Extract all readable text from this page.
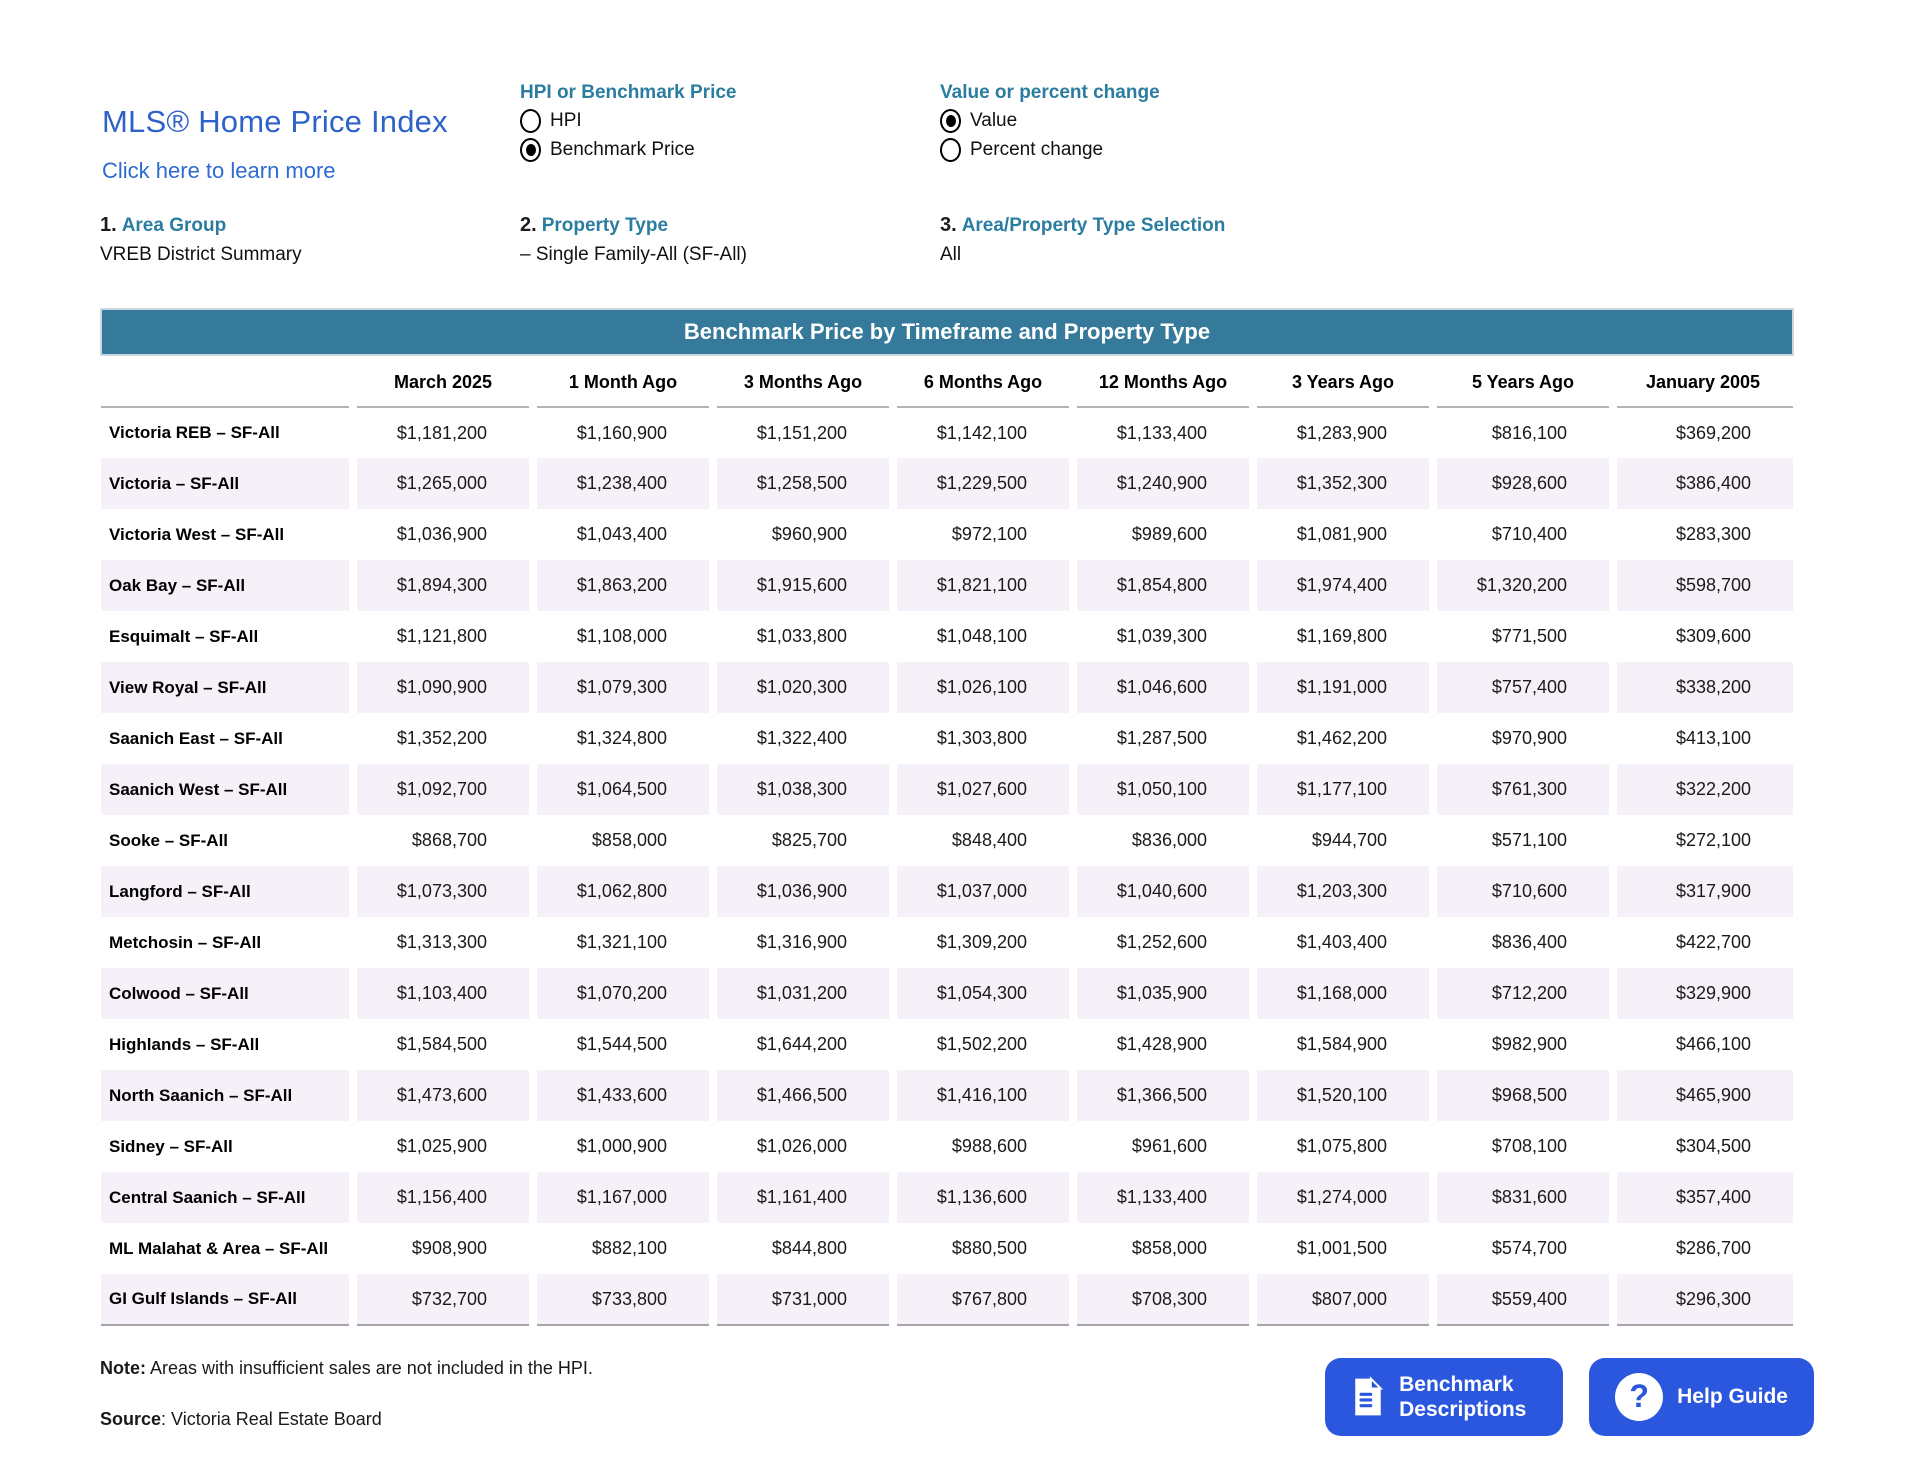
MLS® Home Price Index
Click here to learn more
HPI or Benchmark Price
HPI
Benchmark Price
Value or percent change
Value
Percent change
1. Area Group
VREB District Summary
2. Property Type
– Single Family-All (SF-All)
3. Area/Property Type Selection
All
Benchmark Price by Timeframe and Property Type								
	March 2025	1 Month Ago	3 Months Ago	6 Months Ago	12 Months Ago	3 Years Ago	5 Years Ago	January 2005
Victoria REB – SF-All	$1,181,200	$1,160,900	$1,151,200	$1,142,100	$1,133,400	$1,283,900	$816,100	$369,200
Victoria – SF-All	$1,265,000	$1,238,400	$1,258,500	$1,229,500	$1,240,900	$1,352,300	$928,600	$386,400
Victoria West – SF-All	$1,036,900	$1,043,400	$960,900	$972,100	$989,600	$1,081,900	$710,400	$283,300
Oak Bay – SF-All	$1,894,300	$1,863,200	$1,915,600	$1,821,100	$1,854,800	$1,974,400	$1,320,200	$598,700
Esquimalt – SF-All	$1,121,800	$1,108,000	$1,033,800	$1,048,100	$1,039,300	$1,169,800	$771,500	$309,600
View Royal – SF-All	$1,090,900	$1,079,300	$1,020,300	$1,026,100	$1,046,600	$1,191,000	$757,400	$338,200
Saanich East – SF-All	$1,352,200	$1,324,800	$1,322,400	$1,303,800	$1,287,500	$1,462,200	$970,900	$413,100
Saanich West – SF-All	$1,092,700	$1,064,500	$1,038,300	$1,027,600	$1,050,100	$1,177,100	$761,300	$322,200
Sooke – SF-All	$868,700	$858,000	$825,700	$848,400	$836,000	$944,700	$571,100	$272,100
Langford – SF-All	$1,073,300	$1,062,800	$1,036,900	$1,037,000	$1,040,600	$1,203,300	$710,600	$317,900
Metchosin – SF-All	$1,313,300	$1,321,100	$1,316,900	$1,309,200	$1,252,600	$1,403,400	$836,400	$422,700
Colwood – SF-All	$1,103,400	$1,070,200	$1,031,200	$1,054,300	$1,035,900	$1,168,000	$712,200	$329,900
Highlands – SF-All	$1,584,500	$1,544,500	$1,644,200	$1,502,200	$1,428,900	$1,584,900	$982,900	$466,100
North Saanich – SF-All	$1,473,600	$1,433,600	$1,466,500	$1,416,100	$1,366,500	$1,520,100	$968,500	$465,900
Sidney – SF-All	$1,025,900	$1,000,900	$1,026,000	$988,600	$961,600	$1,075,800	$708,100	$304,500
Central Saanich – SF-All	$1,156,400	$1,167,000	$1,161,400	$1,136,600	$1,133,400	$1,274,000	$831,600	$357,400
ML Malahat & Area – SF-All	$908,900	$882,100	$844,800	$880,500	$858,000	$1,001,500	$574,700	$286,700
GI Gulf Islands – SF-All	$732,700	$733,800	$731,000	$767,800	$708,300	$807,000	$559,400	$296,300

Note: Areas with insufficient sales are not included in the HPI.

Source: Victoria Real Estate Board

Benchmark Descriptions	?	Help Guide
